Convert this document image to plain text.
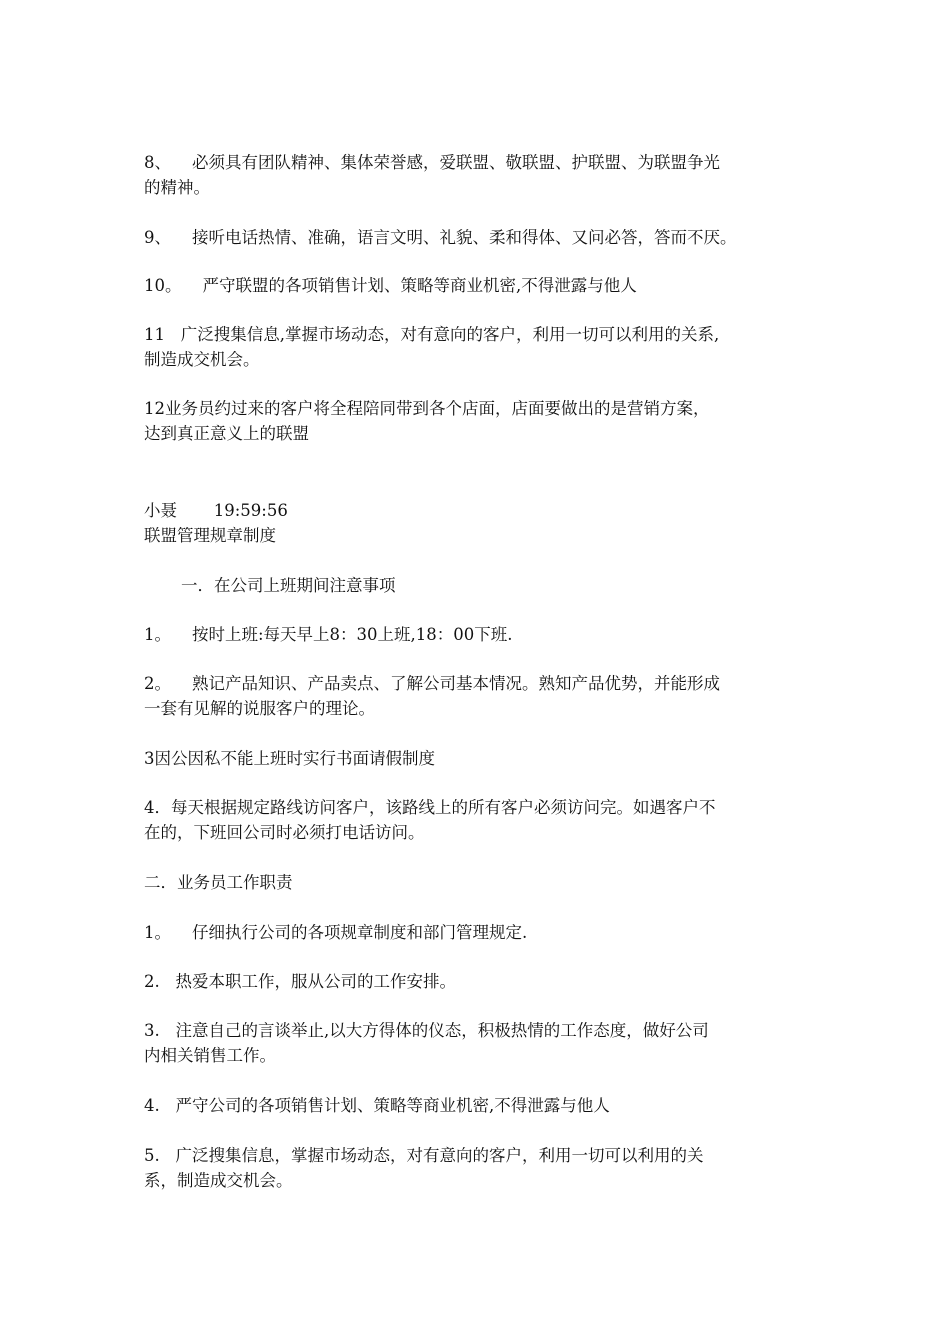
8、    必须具有团队精神、集体荣誉感，爱联盟、敬联盟、护联盟、为联盟争光
的精神。
9、    接听电话热情、准确，语言文明、礼貌、柔和得体、又问必答，答而不厌。
10。    严守联盟的各项销售计划、策略等商业机密,不得泄露与他人
11   广泛搜集信息,掌握市场动态，对有意向的客户，利用一切可以利用的关系,
制造成交机会。
12业务员约过来的客户将全程陪同带到各个店面，店面要做出的是营销方案，
达到真正意义上的联盟
小聂       19:59:56
联盟管理规章制度
一．在公司上班期间注意事项
1。    按时上班:每天早上8：30上班,18：00下班.
2。    熟记产品知识、产品卖点、了解公司基本情况。熟知产品优势，并能形成
一套有见解的说服客户的理论。
3因公因私不能上班时实行书面请假制度
4．每天根据规定路线访问客户，该路线上的所有客户必须访问完。如遇客户不
在的，下班回公司时必须打电话访问。
二．业务员工作职责
1。    仔细执行公司的各项规章制度和部门管理规定.
2.   热爱本职工作，服从公司的工作安排。
3.   注意自己的言谈举止,以大方得体的仪态，积极热情的工作态度，做好公司
内相关销售工作。
4.   严守公司的各项销售计划、策略等商业机密,不得泄露与他人
5.   广泛搜集信息，掌握市场动态，对有意向的客户，利用一切可以利用的关
系，制造成交机会。
